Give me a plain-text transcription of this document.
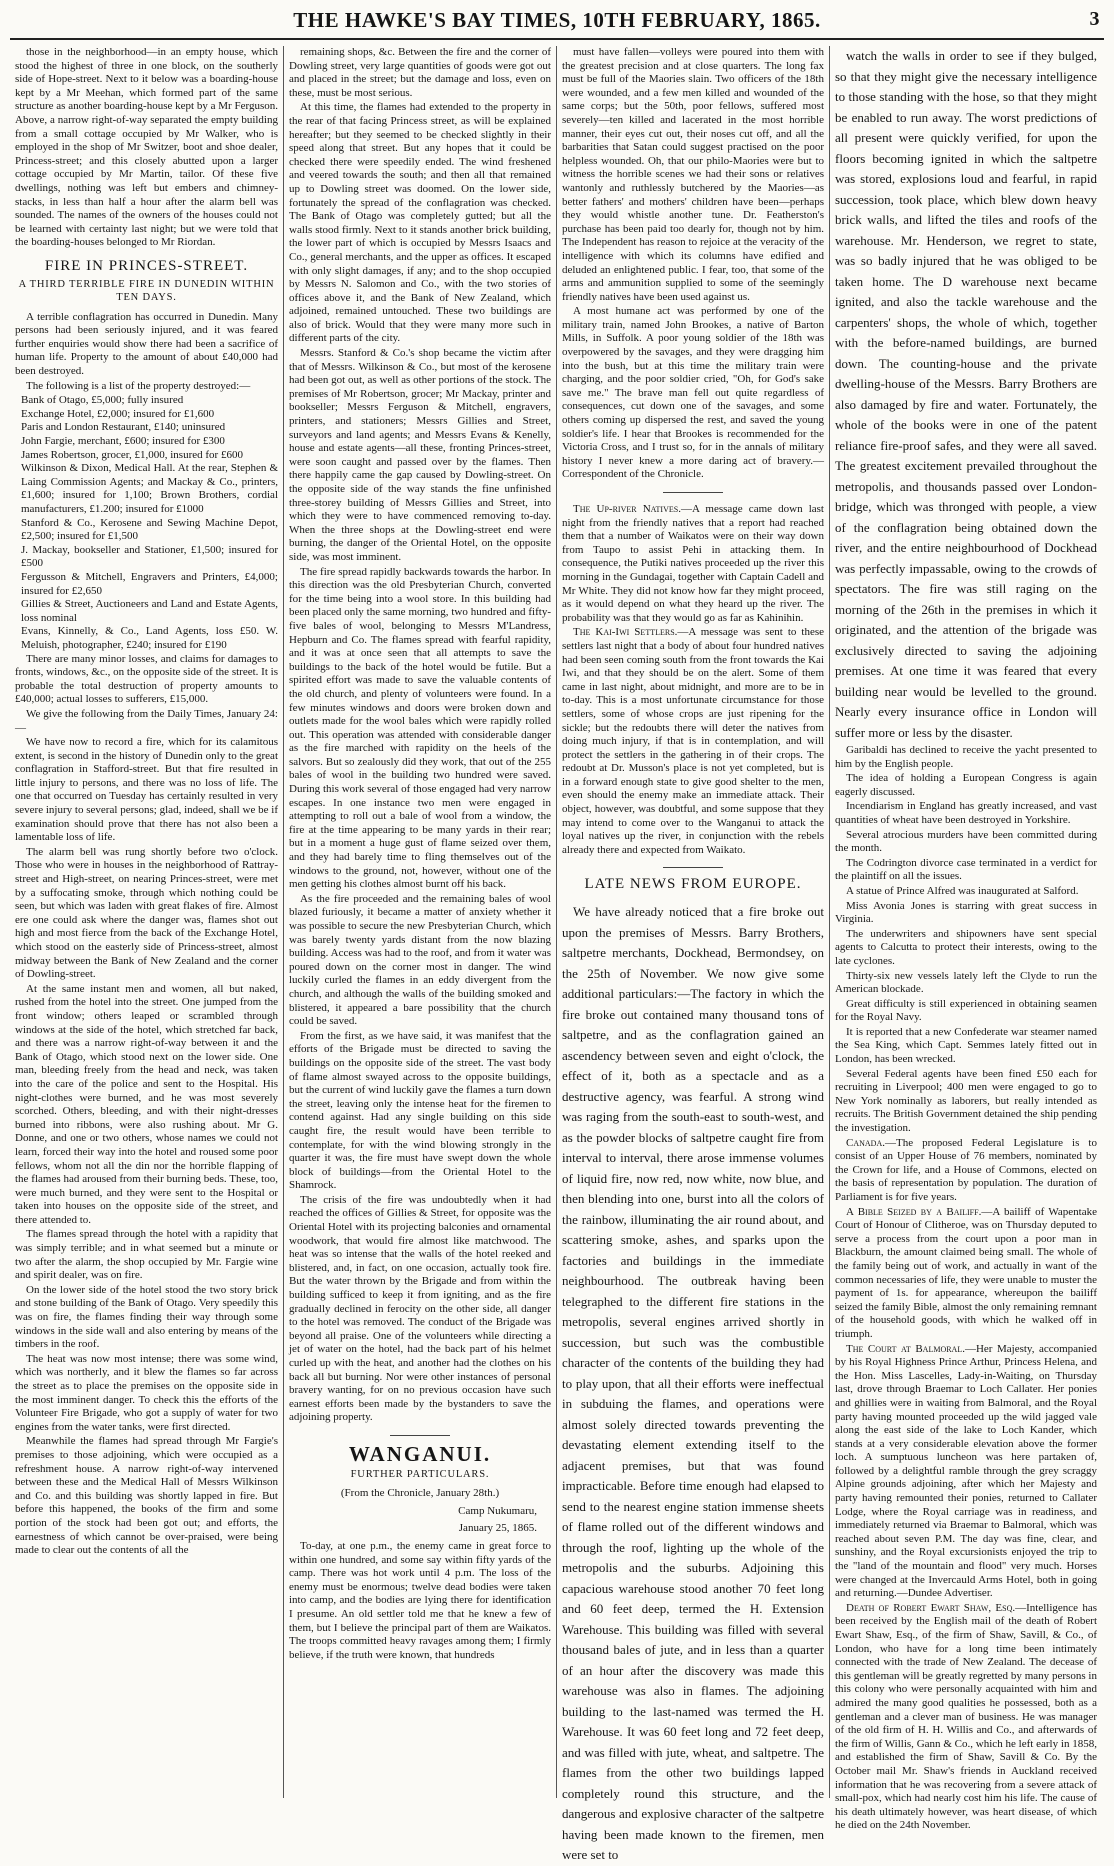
THE HAWKE'S BAY TIMES, 10TH FEBRUARY, 1865.	3

those in the neighborhood—in an empty house, which stood the highest of three in one block, on the southerly side of Hope-street. Next to it below was a boarding-house kept by a Mr Meehan, which formed part of the same structure as another boarding-house kept by a Mr Ferguson. Above, a narrow right-of-way separated the empty building from a small cottage occupied by Mr Walker, who is employed in the shop of Mr Switzer, boot and shoe dealer, Princess-street; and this closely abutted upon a larger cottage occupied by Mr Martin, tailor. Of these five dwellings, nothing was left but embers and chimney-stacks, in less than half a hour after the alarm bell was sounded. The names of the owners of the houses could not be learned with certainty last night; but we were told that the boarding-houses belonged to Mr Riordan.

FIRE IN PRINCES-STREET.
A THIRD TERRIBLE FIRE IN DUNEDIN WITHIN TEN DAYS.

A terrible conflagration has occurred in Dunedin. Many persons had been seriously injured, and it was feared further enquiries would show there had been a sacrifice of human life. Property to the amount of about £40,000 had been destroyed.

The following is a list of the property destroyed:—

Bank of Otago, £5,000; fully insured

Exchange Hotel, £2,000; insured for £1,600

Paris and London Restaurant, £140; uninsured

John Fargie, merchant, £600; insured for £300

James Robertson, grocer, £1,000, insured for £600

Wilkinson & Dixon, Medical Hall. At the rear, Stephen & Laing Commission Agents; and Mackay & Co., printers, £1,600; insured for 1,100; Brown Brothers, cordial manufacturers, £1.200; insured for £1000

Stanford & Co., Kerosene and Sewing Machine Depot, £2,500; insured for £1,500

J. Mackay, bookseller and Stationer, £1,500; insured for £500

Fergusson & Mitchell, Engravers and Printers, £4,000; insured for £2,650

Gillies & Street, Auctioneers and Land and Estate Agents, loss nominal

Evans, Kinnelly, & Co., Land Agents, loss £50. W. Meluish, photographer, £240; insured for £190

There are many minor losses, and claims for damages to fronts, windows, &c., on the opposite side of the street. It is probable the total destruction of property amounts to £40,000; actual losses to sufferers, £15,000.

We give the following from the Daily Times, January 24:—

We have now to record a fire, which for its calamitous extent, is second in the history of Dunedin only to the great conflagration in Stafford-street. But that fire resulted in little injury to persons, and there was no loss of life. The one that occurred on Tuesday has certainly resulted in very severe injury to several persons; glad, indeed, shall we be if examination should prove that there has not also been a lamentable loss of life.

The alarm bell was rung shortly before two o'clock. Those who were in houses in the neighborhood of Rattray-street and High-street, on nearing Princes-street, were met by a suffocating smoke, through which nothing could be seen, but which was laden with great flakes of fire. Almost ere one could ask where the danger was, flames shot out high and most fierce from the back of the Exchange Hotel, which stood on the easterly side of Princess-street, almost midway between the Bank of New Zealand and the corner of Dowling-street.

At the same instant men and women, all but naked, rushed from the hotel into the street. One jumped from the front window; others leaped or scrambled through windows at the side of the hotel, which stretched far back, and there was a narrow right-of-way between it and the Bank of Otago, which stood next on the lower side. One man, bleeding freely from the head and neck, was taken into the care of the police and sent to the Hospital. His night-clothes were burned, and he was most severely scorched. Others, bleeding, and with their night-dresses burned into ribbons, were also rushing about. Mr G. Donne, and one or two others, whose names we could not learn, forced their way into the hotel and roused some poor fellows, whom not all the din nor the horrible flapping of the flames had aroused from their burning beds. These, too, were much burned, and they were sent to the Hospital or taken into houses on the opposite side of the street, and there attended to.

The flames spread through the hotel with a rapidity that was simply terrible; and in what seemed but a minute or two after the alarm, the shop occupied by Mr. Fargie wine and spirit dealer, was on fire.

On the lower side of the hotel stood the two story brick and stone building of the Bank of Otago. Very speedily this was on fire, the flames finding their way through some windows in the side wall and also entering by means of the timbers in the roof.

The heat was now most intense; there was some wind, which was northerly, and it blew the flames so far across the street as to place the premises on the opposite side in the most imminent danger. To check this the efforts of the Volunteer Fire Brigade, who got a supply of water for two engines from the water tanks, were first directed.

Meanwhile the flames had spread through Mr Fargie's premises to those adjoining, which were occupied as a refreshment house. A narrow right-of-way intervened between these and the Medical Hall of Messrs Wilkinson and Co. and this building was shortly lapped in fire. But before this happened, the books of the firm and some portion of the stock had been got out; and efforts, the earnestness of which cannot be over-praised, were being made to clear out the contents of all the

remaining shops, &c. Between the fire and the corner of Dowling street, very large quantities of goods were got out and placed in the street; but the damage and loss, even on these, must be most serious.

At this time, the flames had extended to the property in the rear of that facing Princess street, as will be explained hereafter; but they seemed to be checked slightly in their speed along that street. But any hopes that it could be checked there were speedily ended. The wind freshened and veered towards the south; and then all that remained up to Dowling street was doomed. On the lower side, fortunately the spread of the conflagration was checked. The Bank of Otago was completely gutted; but all the walls stood firmly. Next to it stands another brick building, the lower part of which is occupied by Messrs Isaacs and Co., general merchants, and the upper as offices. It escaped with only slight damages, if any; and to the shop occupied by Messrs N. Salomon and Co., with the two stories of offices above it, and the Bank of New Zealand, which adjoined, remained untouched. These two buildings are also of brick. Would that they were many more such in different parts of the city.

Messrs. Stanford & Co.'s shop became the victim after that of Messrs. Wilkinson & Co., but most of the kerosene had been got out, as well as other portions of the stock. The premises of Mr Robertson, grocer; Mr Mackay, printer and bookseller; Messrs Ferguson & Mitchell, engravers, printers, and stationers; Messrs Gillies and Street, surveyors and land agents; and Messrs Evans & Kenelly, house and estate agents—all these, fronting Princes-street, were soon caught and passed over by the flames. Then there happily came the gap caused by Dowling-street. On the opposite side of the way stands the fine unfinished three-storey building of Messrs Gillies and Street, into which they were to have commenced removing to-day. When the three shops at the Dowling-street end were burning, the danger of the Oriental Hotel, on the opposite side, was most imminent.

The fire spread rapidly backwards towards the harbor. In this direction was the old Presbyterian Church, converted for the time being into a wool store. In this building had been placed only the same morning, two hundred and fifty-five bales of wool, belonging to Messrs M'Landress, Hepburn and Co. The flames spread with fearful rapidity, and it was at once seen that all attempts to save the buildings to the back of the hotel would be futile. But a spirited effort was made to save the valuable contents of the old church, and plenty of volunteers were found. In a few minutes windows and doors were broken down and outlets made for the wool bales which were rapidly rolled out. This operation was attended with considerable danger as the fire marched with rapidity on the heels of the salvors. But so zealously did they work, that out of the 255 bales of wool in the building two hundred were saved. During this work several of those engaged had very narrow escapes. In one instance two men were engaged in attempting to roll out a bale of wool from a window, the fire at the time appearing to be many yards in their rear; but in a moment a huge gust of flame seized over them, and they had barely time to fling themselves out of the windows to the ground, not, however, without one of the men getting his clothes almost burnt off his back.

As the fire proceeded and the remaining bales of wool blazed furiously, it became a matter of anxiety whether it was possible to secure the new Presbyterian Church, which was barely twenty yards distant from the now blazing building. Access was had to the roof, and from it water was poured down on the corner most in danger. The wind luckily curled the flames in an eddy divergent from the church, and although the walls of the building smoked and blistered, it appeared a bare possibility that the church could be saved.

From the first, as we have said, it was manifest that the efforts of the Brigade must be directed to saving the buildings on the opposite side of the street. The vast body of flame almost swayed across to the opposite buildings, but the current of wind luckily gave the flames a turn down the street, leaving only the intense heat for the firemen to contend against. Had any single building on this side caught fire, the result would have been terrible to contemplate, for with the wind blowing strongly in the quarter it was, the fire must have swept down the whole block of buildings—from the Oriental Hotel to the Shamrock.

The crisis of the fire was undoubtedly when it had reached the offices of Gillies & Street, for opposite was the Oriental Hotel with its projecting balconies and ornamental woodwork, that would fire almost like matchwood. The heat was so intense that the walls of the hotel reeked and blistered, and, in fact, on one occasion, actually took fire. But the water thrown by the Brigade and from within the building sufficed to keep it from igniting, and as the fire gradually declined in ferocity on the other side, all danger to the hotel was removed. The conduct of the Brigade was beyond all praise. One of the volunteers while directing a jet of water on the hotel, had the back part of his helmet curled up with the heat, and another had the clothes on his back all but burning. Nor were other instances of personal bravery wanting, for on no previous occasion have such earnest efforts been made by the bystanders to save the adjoining property.

WANGANUI.
FURTHER PARTICULARS.
(From the Chronicle, January 28th.)
Camp Nukumaru,
January 25, 1865.

To-day, at one p.m., the enemy came in great force to within one hundred, and some say within fifty yards of the camp. There was hot work until 4 p.m. The loss of the enemy must be enormous; twelve dead bodies were taken into camp, and the bodies are lying there for identification I presume. An old settler told me that he knew a few of them, but I believe the principal part of them are Waikatos. The troops committed heavy ravages among them; I firmly believe, if the truth were known, that hundreds

must have fallen—volleys were poured into them with the greatest precision and at close quarters. The long fax must be full of the Maories slain. Two officers of the 18th were wounded, and a few men killed and wounded of the same corps; but the 50th, poor fellows, suffered most severely—ten killed and lacerated in the most horrible manner, their eyes cut out, their noses cut off, and all the barbarities that Satan could suggest practised on the poor helpless wounded. Oh, that our philo-Maories were but to witness the horrible scenes we had their sons or relatives wantonly and ruthlessly butchered by the Maories—as better fathers' and mothers' children have been—perhaps they would whistle another tune. Dr. Featherston's purchase has been paid too dearly for, though not by him. The Independent has reason to rejoice at the veracity of the intelligence with which its columns have edified and deluded an enlightened public. I fear, too, that some of the arms and ammunition supplied to some of the seemingly friendly natives have been used against us.

A most humane act was performed by one of the military train, named John Brookes, a native of Barton Mills, in Suffolk. A poor young soldier of the 18th was overpowered by the savages, and they were dragging him into the bush, but at this time the military train were charging, and the poor soldier cried, "Oh, for God's sake save me." The brave man fell out quite regardless of consequences, cut down one of the savages, and some others coming up dispersed the rest, and saved the young soldier's life. I hear that Brookes is recommended for the Victoria Cross, and I trust so, for in the annals of military history I never knew a more daring act of bravery.—Correspondent of the Chronicle.

The Up-river Natives.—A message came down last night from the friendly natives that a report had reached them that a number of Waikatos were on their way down from Taupo to assist Pehi in attacking them. In consequence, the Putiki natives proceeded up the river this morning in the Gundagai, together with Captain Cadell and Mr White. They did not know how far they might proceed, as it would depend on what they heard up the river. The probability was that they would go as far as Kahinihin.

The Kai-Iwi Settlers.—A message was sent to these settlers last night that a body of about four hundred natives had been seen coming south from the front towards the Kai Iwi, and that they should be on the alert. Some of them came in last night, about midnight, and more are to be in to-day. This is a most unfortunate circumstance for those settlers, some of whose crops are just ripening for the sickle; but the redoubts there will deter the natives from doing much injury, if that is in contemplation, and will protect the settlers in the gathering in of their crops. The redoubt at Dr. Musson's place is not yet completed, but is in a forward enough state to give good shelter to the men, even should the enemy make an immediate attack. Their object, however, was doubtful, and some suppose that they may intend to come over to the Wanganui to attack the loyal natives up the river, in conjunction with the rebels already there and expected from Waikato.

LATE NEWS FROM EUROPE.

We have already noticed that a fire broke out upon the premises of Messrs. Barry Brothers, saltpetre merchants, Dockhead, Bermondsey, on the 25th of November. We now give some additional particulars:—The factory in which the fire broke out contained many thousand tons of saltpetre, and as the conflagration gained an ascendency between seven and eight o'clock, the effect of it, both as a spectacle and as a destructive agency, was fearful. A strong wind was raging from the south-east to south-west, and as the powder blocks of saltpetre caught fire from interval to interval, there arose immense volumes of liquid fire, now red, now white, now blue, and then blending into one, burst into all the colors of the rainbow, illuminating the air round about, and scattering smoke, ashes, and sparks upon the factories and buildings in the immediate neighbourhood. The outbreak having been telegraphed to the different fire stations in the metropolis, several engines arrived shortly in succession, but such was the combustible character of the contents of the building they had to play upon, that all their efforts were ineffectual in subduing the flames, and operations were almost solely directed towards preventing the devastating element extending itself to the adjacent premises, but that was found impracticable. Before time enough had elapsed to send to the nearest engine station immense sheets of flame rolled out of the different windows and through the roof, lighting up the whole of the metropolis and the suburbs. Adjoining this capacious warehouse stood another 70 feet long and 60 feet deep, termed the H. Extension Warehouse. This building was filled with several thousand bales of jute, and in less than a quarter of an hour after the discovery was made this warehouse was also in flames. The adjoining building to the last-named was termed the H. Warehouse. It was 60 feet long and 72 feet deep, and was filled with jute, wheat, and saltpetre. The flames from the other two buildings lapped completely round this structure, and the dangerous and explosive character of the saltpetre having been made known to the firemen, men were set to

watch the walls in order to see if they bulged, so that they might give the necessary intelligence to those standing with the hose, so that they might be enabled to run away. The worst predictions of all present were quickly verified, for upon the floors becoming ignited in which the saltpetre was stored, explosions loud and fearful, in rapid succession, took place, which blew down heavy brick walls, and lifted the tiles and roofs of the warehouse. Mr. Henderson, we regret to state, was so badly injured that he was obliged to be taken home. The D warehouse next became ignited, and also the tackle warehouse and the carpenters' shops, the whole of which, together with the before-named buildings, are burned down. The counting-house and the private dwelling-house of the Messrs. Barry Brothers are also damaged by fire and water. Fortunately, the whole of the books were in one of the patent reliance fire-proof safes, and they were all saved. The greatest excitement prevailed throughout the metropolis, and thousands passed over London-bridge, which was thronged with people, a view of the conflagration being obtained down the river, and the entire neighbourhood of Dockhead was perfectly impassable, owing to the crowds of spectators. The fire was still raging on the morning of the 26th in the premises in which it originated, and the attention of the brigade was exclusively directed to saving the adjoining premises. At one time it was feared that every building near would be levelled to the ground. Nearly every insurance office in London will suffer more or less by the disaster.

Garibaldi has declined to receive the yacht presented to him by the English people.

The idea of holding a European Congress is again eagerly discussed.

Incendiarism in England has greatly increased, and vast quantities of wheat have been destroyed in Yorkshire.

Several atrocious murders have been committed during the month.

The Codrington divorce case terminated in a verdict for the plaintiff on all the issues.

A statue of Prince Alfred was inaugurated at Salford.

Miss Avonia Jones is starring with great success in Virginia.

The underwriters and shipowners have sent special agents to Calcutta to protect their interests, owing to the late cyclones.

Thirty-six new vessels lately left the Clyde to run the American blockade.

Great difficulty is still experienced in obtaining seamen for the Royal Navy.

It is reported that a new Confederate war steamer named the Sea King, which Capt. Semmes lately fitted out in London, has been wrecked.

Several Federal agents have been fined £50 each for recruiting in Liverpool; 400 men were engaged to go to New York nominally as laborers, but really intended as recruits. The British Government detained the ship pending the investigation.

Canada.—The proposed Federal Legislature is to consist of an Upper House of 76 members, nominated by the Crown for life, and a House of Commons, elected on the basis of representation by population. The duration of Parliament is for five years.

A Bible Seized by a Bailiff.—A bailiff of Wapentake Court of Honour of Clitheroe, was on Thursday deputed to serve a process from the court upon a poor man in Blackburn, the amount claimed being small. The whole of the family being out of work, and actually in want of the common necessaries of life, they were unable to muster the payment of 1s. for appearance, whereupon the bailiff seized the family Bible, almost the only remaining remnant of the household goods, with which he walked off in triumph.

The Court at Balmoral.—Her Majesty, accompanied by his Royal Highness Prince Arthur, Princess Helena, and the Hon. Miss Lascelles, Lady-in-Waiting, on Thursday last, drove through Braemar to Loch Callater. Her ponies and ghillies were in waiting from Balmoral, and the Royal party having mounted proceeded up the wild jagged vale along the east side of the lake to Loch Kander, which stands at a very considerable elevation above the former loch. A sumptuous luncheon was here partaken of, followed by a delightful ramble through the grey scraggy Alpine grounds adjoining, after which her Majesty and party having remounted their ponies, returned to Callater Lodge, where the Royal carriage was in readiness, and immediately returned via Braemar to Balmoral, which was reached about seven P.M. The day was fine, clear, and sunshiny, and the Royal excursionists enjoyed the trip to the "land of the mountain and flood" very much. Horses were changed at the Invercauld Arms Hotel, both in going and returning.—Dundee Advertiser.

Death of Robert Ewart Shaw, Esq.—Intelligence has been received by the English mail of the death of Robert Ewart Shaw, Esq., of the firm of Shaw, Savill, & Co., of London, who have for a long time been intimately connected with the trade of New Zealand. The decease of this gentleman will be greatly regretted by many persons in this colony who were personally acquainted with him and admired the many good qualities he possessed, both as a gentleman and a clever man of business. He was manager of the old firm of H. H. Willis and Co., and afterwards of the firm of Willis, Gann & Co., which he left early in 1858, and established the firm of Shaw, Savill & Co. By the October mail Mr. Shaw's friends in Auckland received information that he was recovering from a severe attack of small-pox, which had nearly cost him his life. The cause of his death ultimately however, was heart disease, of which he died on the 24th November.
